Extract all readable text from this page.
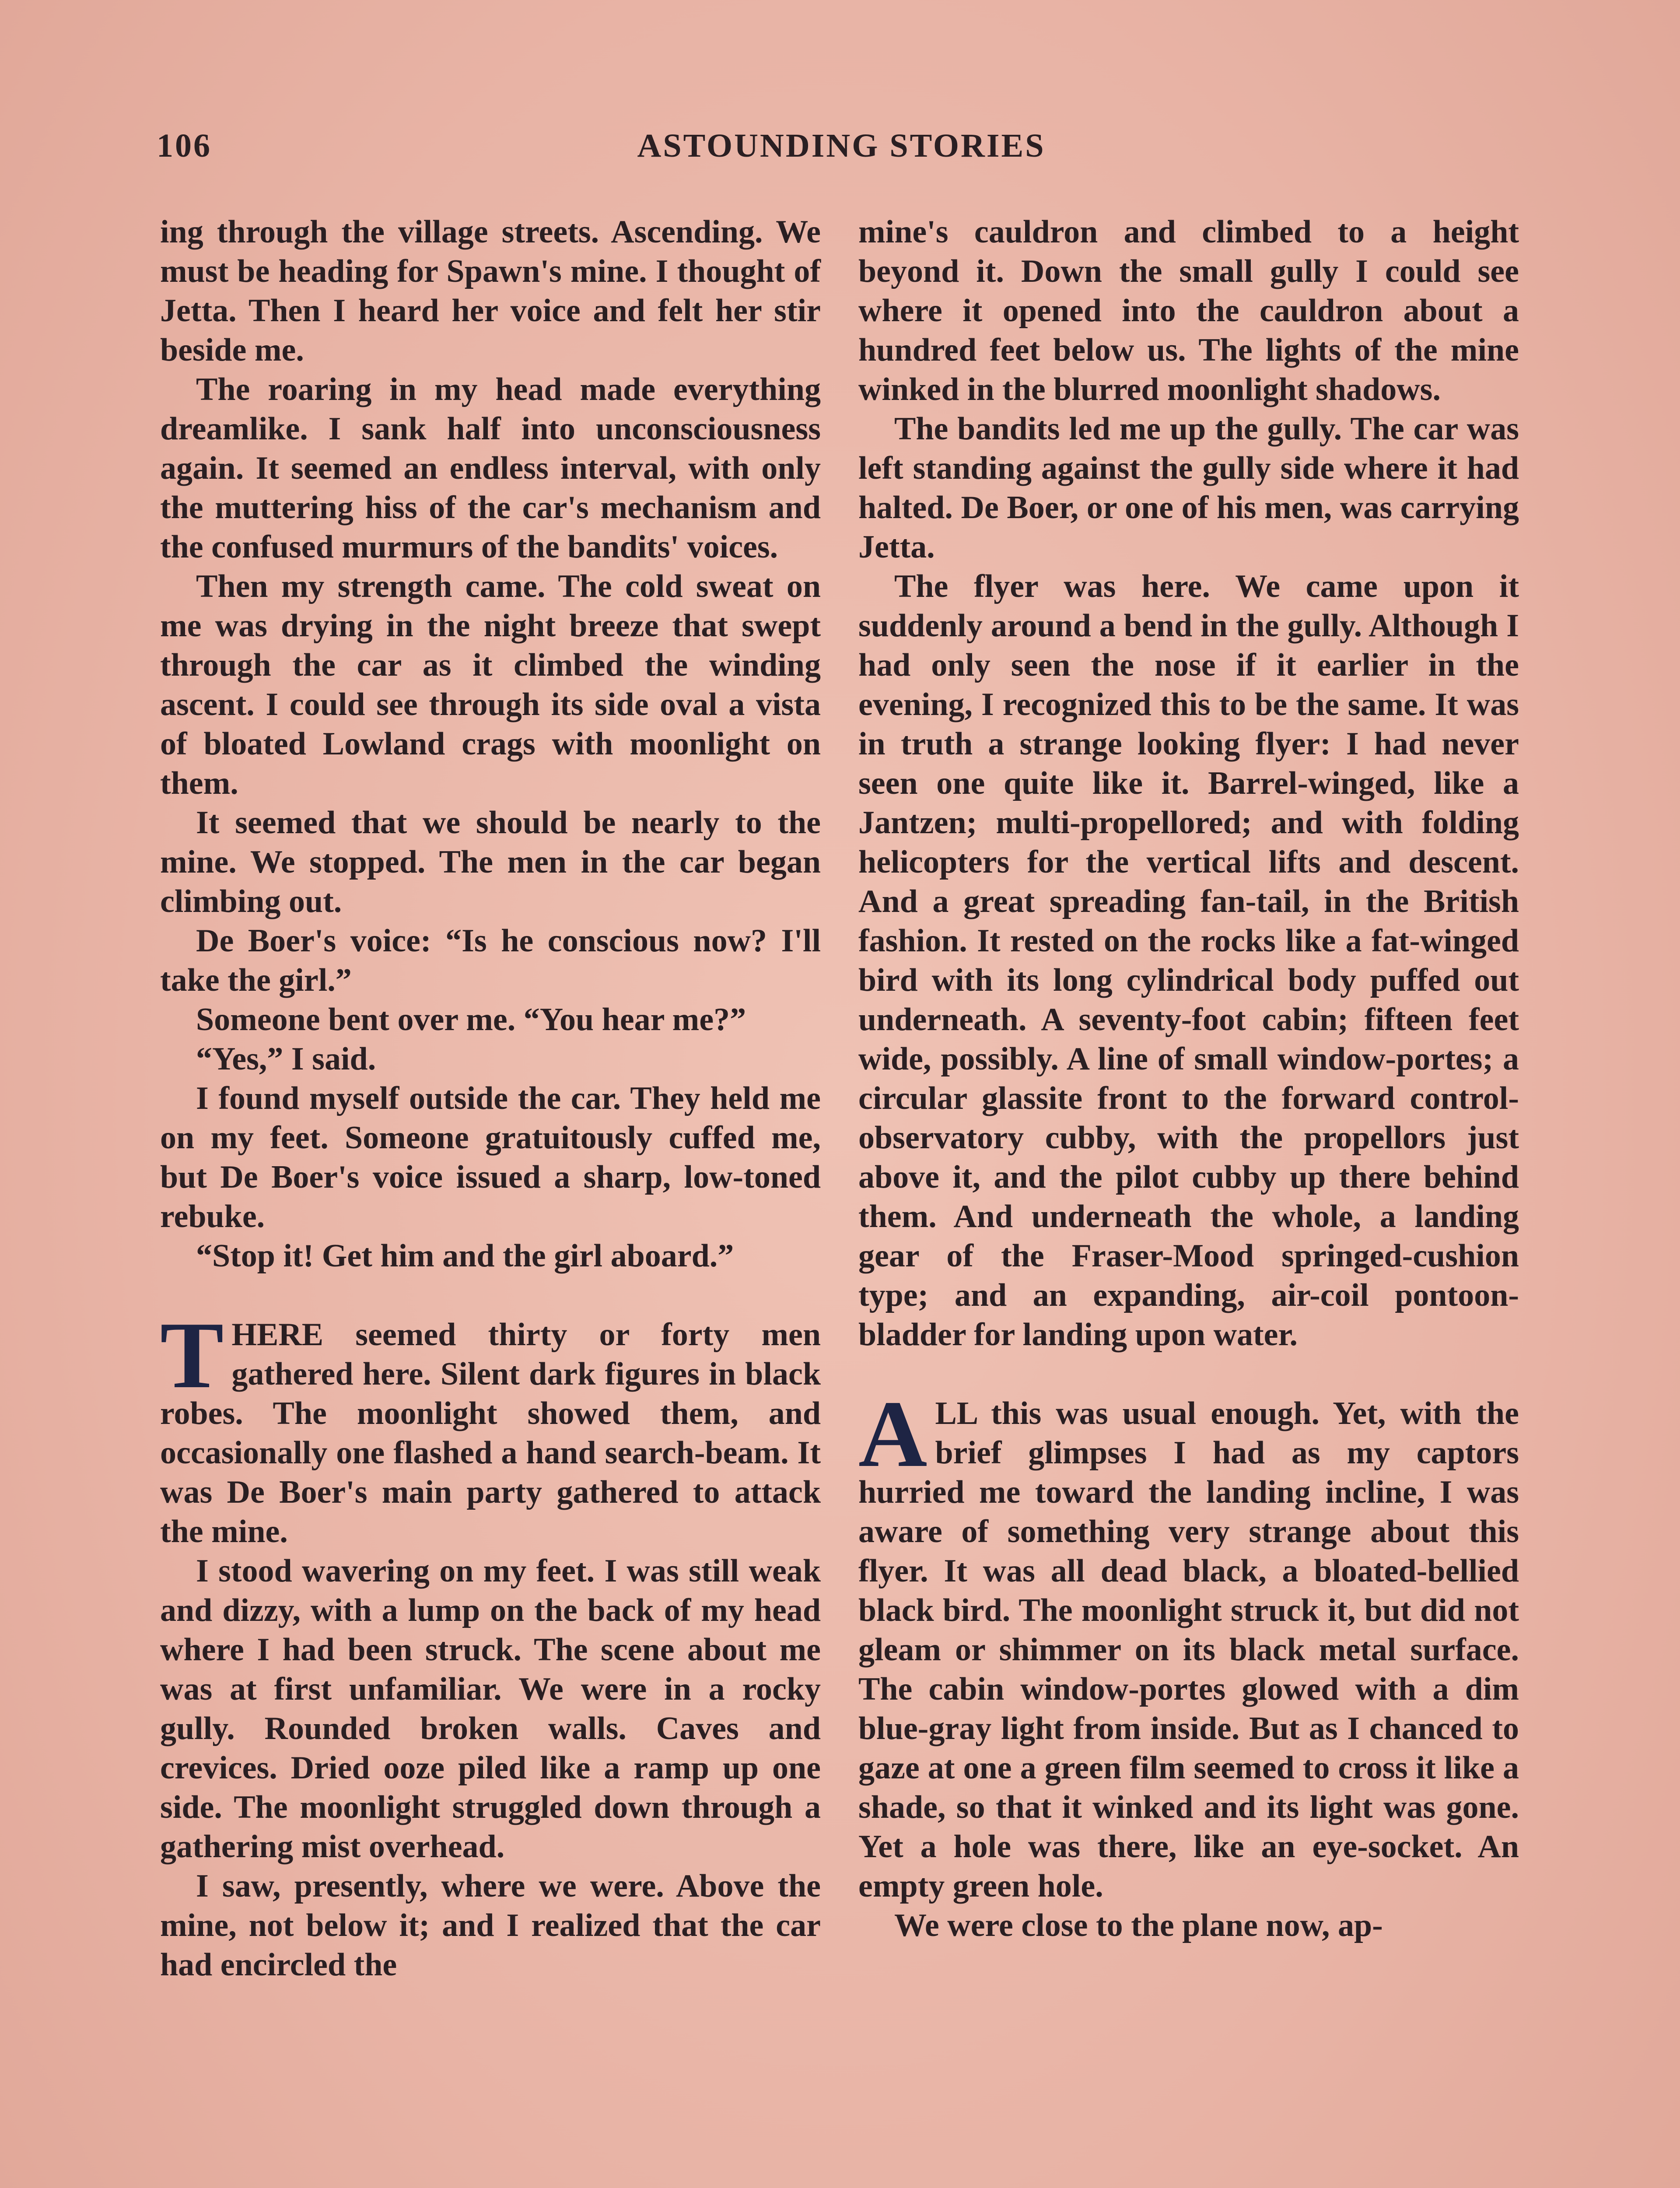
106	ASTOUNDING STORIES

ing through the village streets. Ascending. We must be heading for Spawn's mine. I thought of Jetta. Then I heard her voice and felt her stir beside me.

The roaring in my head made everything dreamlike. I sank half into unconsciousness again. It seemed an endless interval, with only the muttering hiss of the car's mechanism and the confused murmurs of the bandits' voices.

Then my strength came. The cold sweat on me was drying in the night breeze that swept through the car as it climbed the winding ascent. I could see through its side oval a vista of bloated Lowland crags with moonlight on them.

It seemed that we should be nearly to the mine. We stopped. The men in the car began climbing out.

De Boer's voice: “Is he conscious now? I'll take the girl.”

Someone bent over me. “You hear me?”

“Yes,” I said.

I found myself outside the car. They held me on my feet. Someone gratuitously cuffed me, but De Boer's voice issued a sharp, low-toned rebuke.

“Stop it! Get him and the girl aboard.”

THERE seemed thirty or forty men gathered here. Silent dark figures in black robes. The moonlight showed them, and occasionally one flashed a hand search-beam. It was De Boer's main party gathered to attack the mine.

I stood wavering on my feet. I was still weak and dizzy, with a lump on the back of my head where I had been struck. The scene about me was at first unfamiliar. We were in a rocky gully. Rounded broken walls. Caves and crevices. Dried ooze piled like a ramp up one side. The moonlight struggled down through a gathering mist overhead.

I saw, presently, where we were. Above the mine, not below it; and I realized that the car had encircled the

mine's cauldron and climbed to a height beyond it. Down the small gully I could see where it opened into the cauldron about a hundred feet below us. The lights of the mine winked in the blurred moonlight shadows.

The bandits led me up the gully. The car was left standing against the gully side where it had halted. De Boer, or one of his men, was carrying Jetta.

The flyer was here. We came upon it suddenly around a bend in the gully. Although I had only seen the nose if it earlier in the evening, I recognized this to be the same. It was in truth a strange looking flyer: I had never seen one quite like it. Barrel-winged, like a Jantzen; multi-propellored; and with folding helicopters for the vertical lifts and descent. And a great spreading fan-tail, in the British fashion. It rested on the rocks like a fat-winged bird with its long cylindrical body puffed out underneath. A seventy-foot cabin; fifteen feet wide, possibly. A line of small window-portes; a circular glassite front to the forward control-observatory cubby, with the propellors just above it, and the pilot cubby up there behind them. And underneath the whole, a landing gear of the Fraser-Mood springed-cushion type; and an expanding, air-coil pontoon-bladder for landing upon water.

ALL this was usual enough. Yet, with the brief glimpses I had as my captors hurried me toward the landing incline, I was aware of something very strange about this flyer. It was all dead black, a bloated-bellied black bird. The moonlight struck it, but did not gleam or shimmer on its black metal surface. The cabin window-portes glowed with a dim blue-gray light from inside. But as I chanced to gaze at one a green film seemed to cross it like a shade, so that it winked and its light was gone. Yet a hole was there, like an eye-socket. An empty green hole.

We were close to the plane now, ap-
